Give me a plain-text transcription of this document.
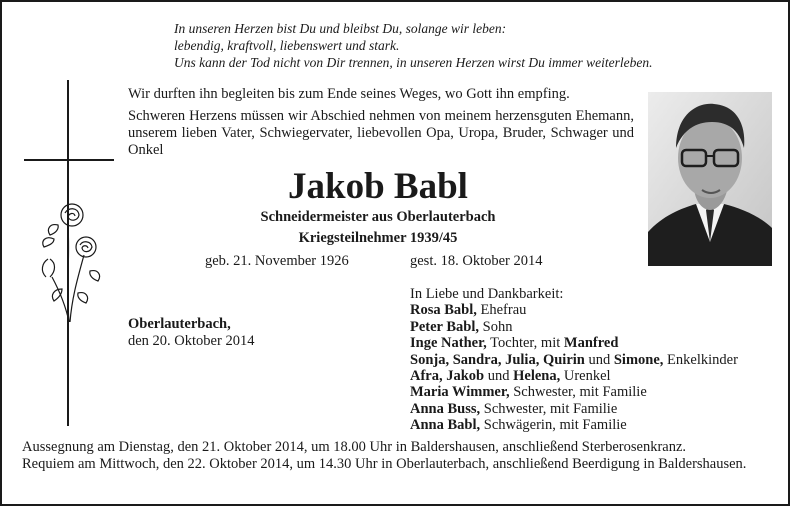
In unseren Herzen bist Du und bleibst Du, solange wir leben:
lebendig, kraftvoll, liebenswert und stark.
Uns kann der Tod nicht von Dir trennen, in unseren Herzen wirst Du immer weiterleben.

Wir durften ihn begleiten bis zum Ende seines Weges, wo Gott ihn empfing.

Schweren Herzens müssen wir Abschied nehmen von meinem herzensguten Ehemann, unserem lieben Vater, Schwiegervater, liebevollen Opa, Uropa, Bruder, Schwager und Onkel

Jakob Babl
Schneidermeister aus Oberlauterbach
Kriegsteilnehmer 1939/45
geb. 21. November 1926	gest. 18. Oktober 2014
Oberlauterbach,
den 20. Oktober 2014
In Liebe und Dankbarkeit:
Rosa Babl, Ehefrau
Peter Babl, Sohn
Inge Nather, Tochter, mit Manfred
Sonja, Sandra, Julia, Quirin und Simone, Enkelkinder
Afra, Jakob und Helena, Urenkel
Maria Wimmer, Schwester, mit Familie
Anna Buss, Schwester, mit Familie
Anna Babl, Schwägerin, mit Familie

Aussegnung am Dienstag, den 21. Oktober 2014, um 18.00 Uhr in Baldershausen, anschließend Sterberosenkranz.

Requiem am Mittwoch, den 22. Oktober 2014, um 14.30 Uhr in Oberlauterbach, anschließend Beerdigung in Baldershausen.
